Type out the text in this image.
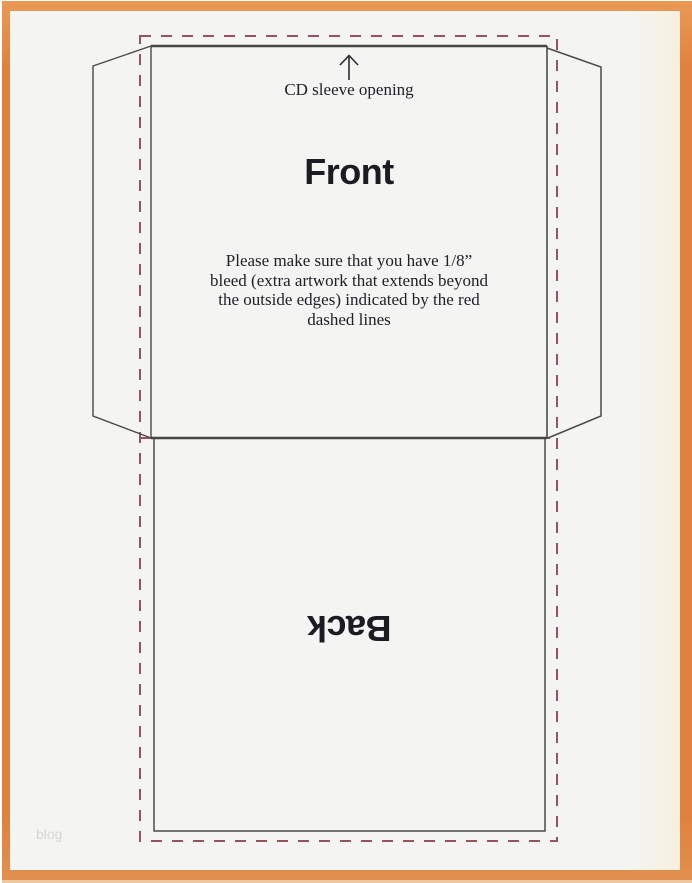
CD sleeve opening
Front
Please make sure that you have 1/8”
bleed (extra artwork that extends beyond
the outside edges) indicated by the red
dashed lines
Back
blog
